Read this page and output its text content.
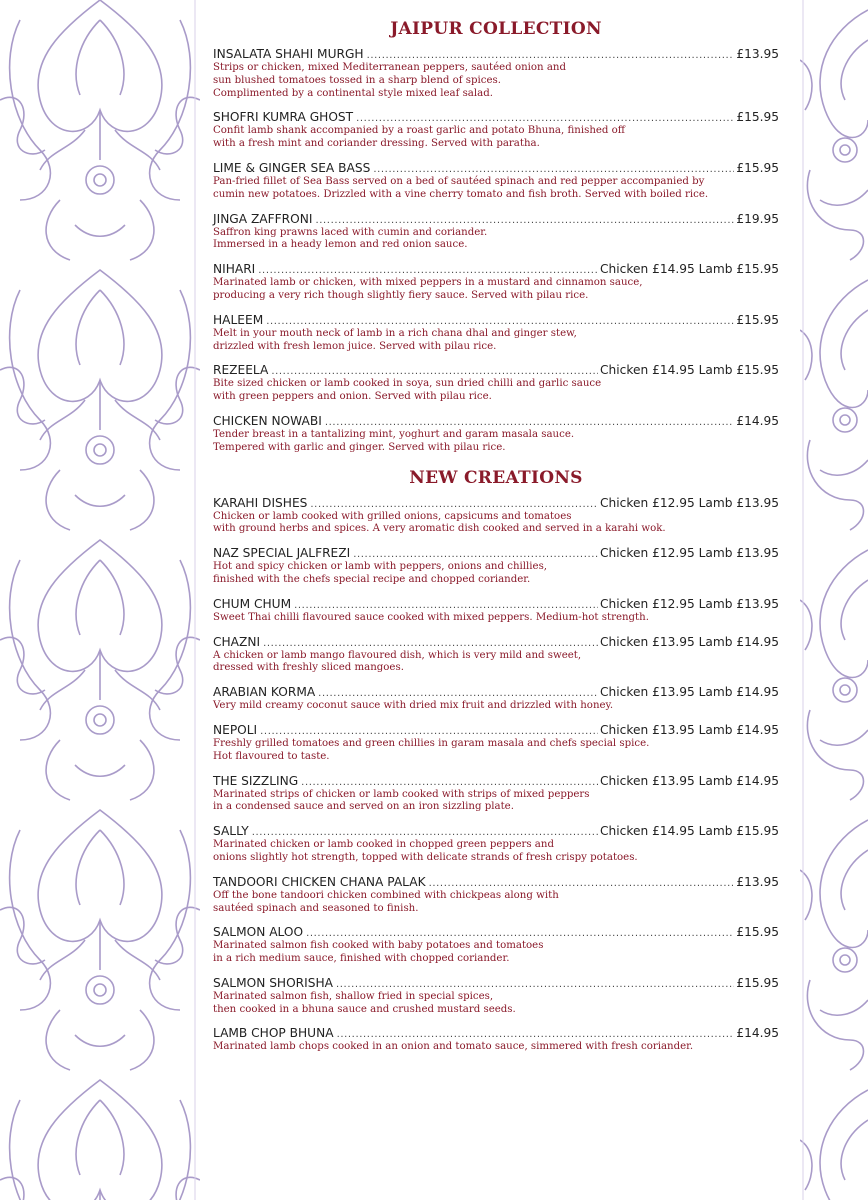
JAIPUR COLLECTION
INSALATA SHAHI MURGH .....	£13.95
Strips or chicken, mixed Mediterranean peppers, sautéed onion and
sun blushed tomatoes tossed in a sharp blend of spices.
Complimented by a continental style mixed leaf salad.
SHOFRI KUMRA GHOST .....	£15.95
Confit lamb shank accompanied by a roast garlic and potato Bhuna, finished off
with a fresh mint and coriander dressing. Served with paratha.
LIME & GINGER SEA BASS .....	£15.95
Pan-fried fillet of Sea Bass served on a bed of sautéed spinach and red pepper accompanied by
cumin new potatoes. Drizzled with a vine cherry tomato and fish broth. Served with boiled rice.
JINGA ZAFFRONI .....	£19.95
Saffron king prawns laced with cumin and coriander.
Immersed in a heady lemon and red onion sauce.
NIHARI .....	Chicken £14.95 Lamb £15.95
Marinated lamb or chicken, with mixed peppers in a mustard and cinnamon sauce,
producing a very rich though slightly fiery sauce. Served with pilau rice.
HALEEM .....	£15.95
Melt in your mouth neck of lamb in a rich chana dhal and ginger stew,
drizzled with fresh lemon juice. Served with pilau rice.
REZEELA .....	Chicken £14.95 Lamb £15.95
Bite sized chicken or lamb cooked in soya, sun dried chilli and garlic sauce
with green peppers and onion. Served with pilau rice.
CHICKEN NOWABI .....	£14.95
Tender breast in a tantalizing mint, yoghurt and garam masala sauce.
Tempered with garlic and ginger. Served with pilau rice.
NEW CREATIONS
KARAHI DISHES .....	Chicken £12.95 Lamb £13.95
Chicken or lamb cooked with grilled onions, capsicums and tomatoes
with ground herbs and spices. A very aromatic dish cooked and served in a karahi wok.
NAZ SPECIAL JALFREZI .....	Chicken £12.95 Lamb £13.95
Hot and spicy chicken or lamb with peppers, onions and chillies,
finished with the chefs special recipe and chopped coriander.
CHUM CHUM .....	Chicken £12.95 Lamb £13.95
Sweet Thai chilli flavoured sauce cooked with mixed peppers. Medium-hot strength.
CHAZNI .....	Chicken £13.95 Lamb £14.95
A chicken or lamb mango flavoured dish, which is very mild and sweet,
dressed with freshly sliced mangoes.
ARABIAN KORMA .....	Chicken £13.95 Lamb £14.95
Very mild creamy coconut sauce with dried mix fruit and drizzled with honey.
NEPOLI .....	Chicken £13.95 Lamb £14.95
Freshly grilled tomatoes and green chillies in garam masala and chefs special spice.
Hot flavoured to taste.
THE SIZZLING .....	Chicken £13.95 Lamb £14.95
Marinated strips of chicken or lamb cooked with strips of mixed peppers
in a condensed sauce and served on an iron sizzling plate.
SALLY .....	Chicken £14.95 Lamb £15.95
Marinated chicken or lamb cooked in chopped green peppers and
onions slightly hot strength, topped with delicate strands of fresh crispy potatoes.
TANDOORI CHICKEN CHANA PALAK .....	£13.95
Off the bone tandoori chicken combined with chickpeas along with
sautéed spinach and seasoned to finish.
SALMON ALOO .....	£15.95
Marinated salmon fish cooked with baby potatoes and tomatoes
in a rich medium sauce, finished with chopped coriander.
SALMON SHORISHA .....	£15.95
Marinated salmon fish, shallow fried in special spices,
then cooked in a bhuna sauce and crushed mustard seeds.
LAMB CHOP BHUNA .....	£14.95
Marinated lamb chops cooked in an onion and tomato sauce, simmered with fresh coriander.
